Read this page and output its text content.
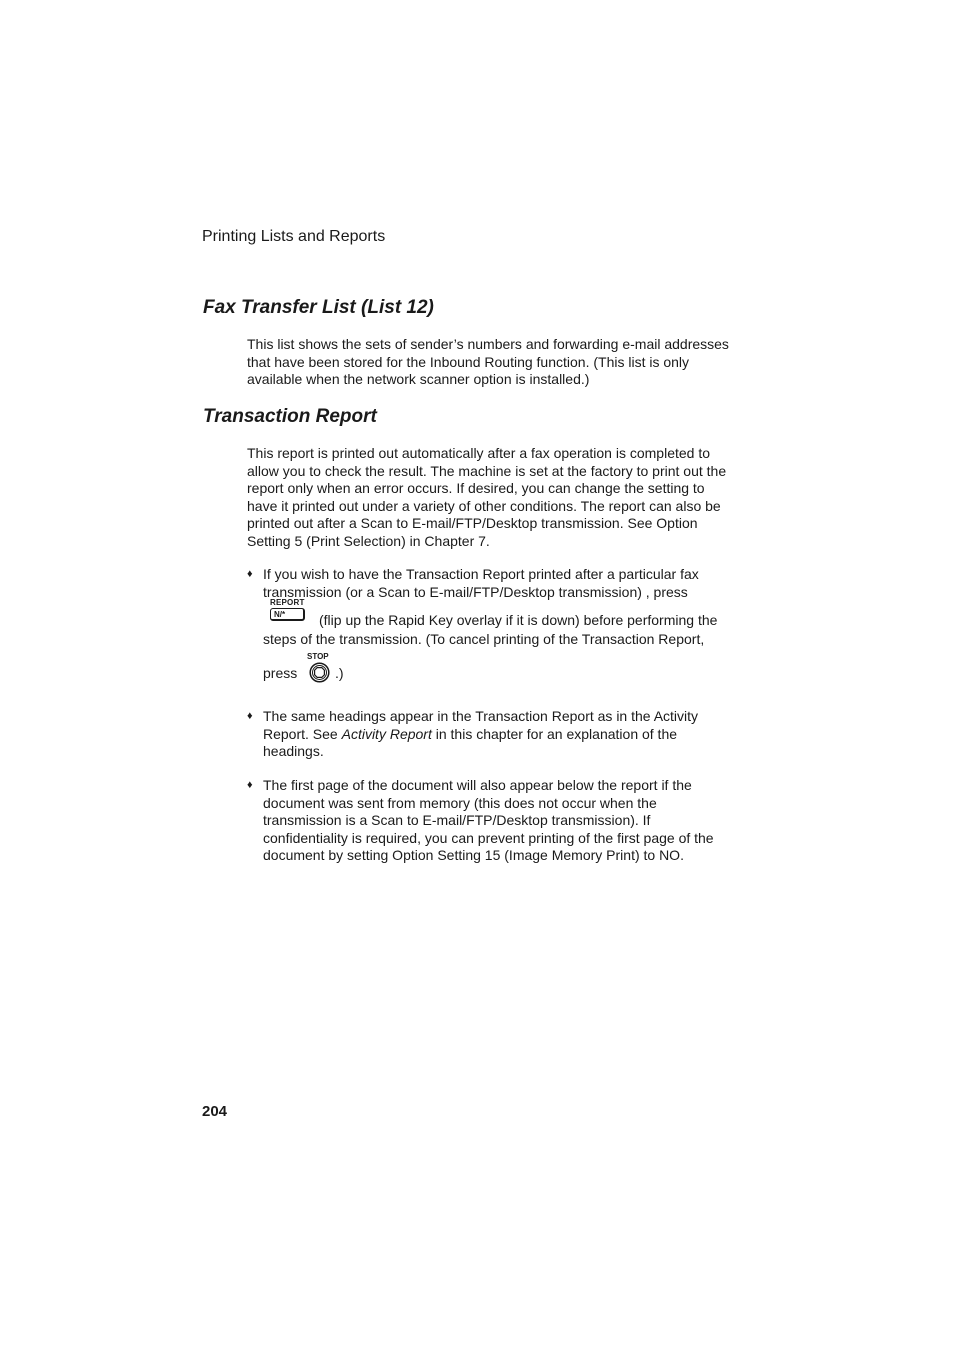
Printing Lists and Reports
Fax Transfer List (List 12)
This list shows the sets of sender’s numbers and forwarding e-mail addresses
that have been stored for the Inbound Routing function. (This list is only
available when the network scanner option is installed.)
Transaction Report
This report is printed out automatically after a fax operation is completed to
allow you to check the result. The machine is set at the factory to print out the
report only when an error occurs. If desired, you can change the setting to
have it printed out under a variety of other conditions. The report can also be
printed out after a Scan to E-mail/FTP/Desktop transmission. See Option
Setting 5 (Print Selection) in Chapter 7.
♦ If you wish to have the Transaction Report printed after a particular fax
transmission (or a Scan to E-mail/FTP/Desktop transmission) , press
REPORT
N/*	(flip up the Rapid Key overlay if it is down) before performing the
steps of the transmission. (To cancel printing of the Transaction Report,
press
STOP
.)
♦ The same headings appear in the Transaction Report as in the Activity
Report. See Activity Report in this chapter for an explanation of the
headings.
♦ The first page of the document will also appear below the report if the
document was sent from memory (this does not occur when the
transmission is a Scan to E-mail/FTP/Desktop transmission). If
confidentiality is required, you can prevent printing of the first page of the
document by setting Option Setting 15 (Image Memory Print) to NO.
204
